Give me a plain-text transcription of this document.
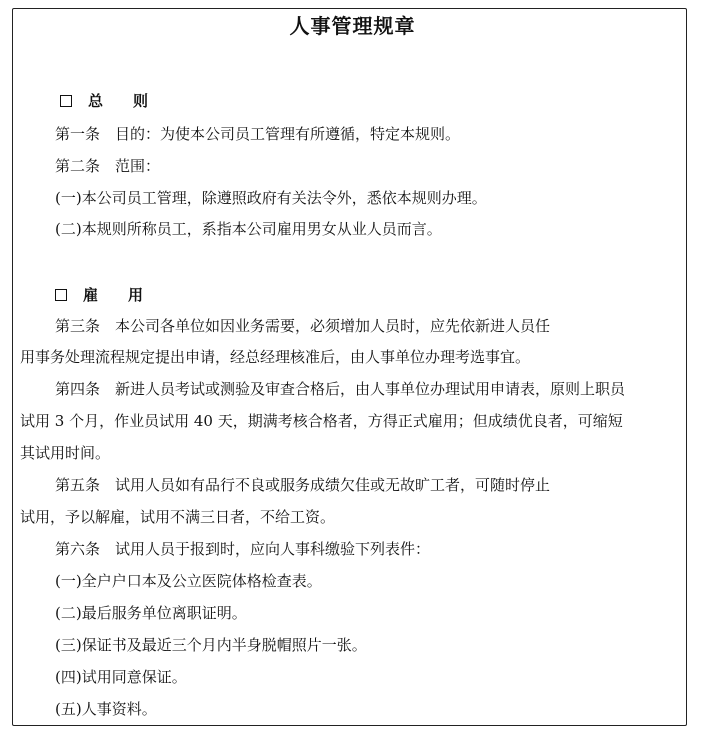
人事管理规章
总则
第一条　目的：为使本公司员工管理有所遵循，特定本规则。
第二条　范围：
(一)本公司员工管理，除遵照政府有关法令外，悉依本规则办理。
(二)本规则所称员工，系指本公司雇用男女从业人员而言。
雇用
第三条　本公司各单位如因业务需要，必须增加人员时，应先依新进人员任
用事务处理流程规定提出申请，经总经理核准后，由人事单位办理考选事宜。
第四条　新进人员考试或测验及审查合格后，由人事单位办理试用申请表，原则上职员
试用 3 个月，作业员试用 40 天，期满考核合格者，方得正式雇用；但成绩优良者，可缩短
其试用时间。
第五条　试用人员如有品行不良或服务成绩欠佳或无故旷工者，可随时停止
试用，予以解雇，试用不满三日者，不给工资。
第六条　试用人员于报到时，应向人事科缴验下列表件：
(一)全户户口本及公立医院体格检查表。
(二)最后服务单位离职证明。
(三)保证书及最近三个月内半身脱帽照片一张。
(四)试用同意保证。
(五)人事资料。
